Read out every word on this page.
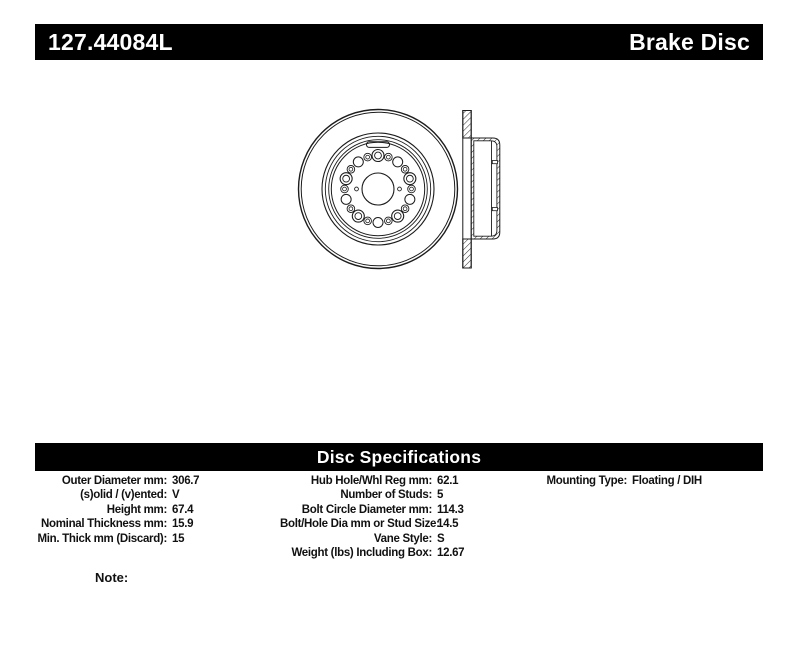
127.44084L	Brake Disc
Disc Specifications
Outer Diameter mm: 306.7
(s)olid / (v)ented: V
Height mm: 67.4
Nominal Thickness mm: 15.9
Min. Thick mm (Discard): 15
Hub Hole/Whl Reg mm: 62.1
Number of Studs: 5
Bolt Circle Diameter mm: 114.3
Bolt/Hole Dia mm or Stud Size:
14.5
Vane Style: S
Weight (lbs) Including Box: 12.67
Mounting Type: Floating / DIH
Note:
